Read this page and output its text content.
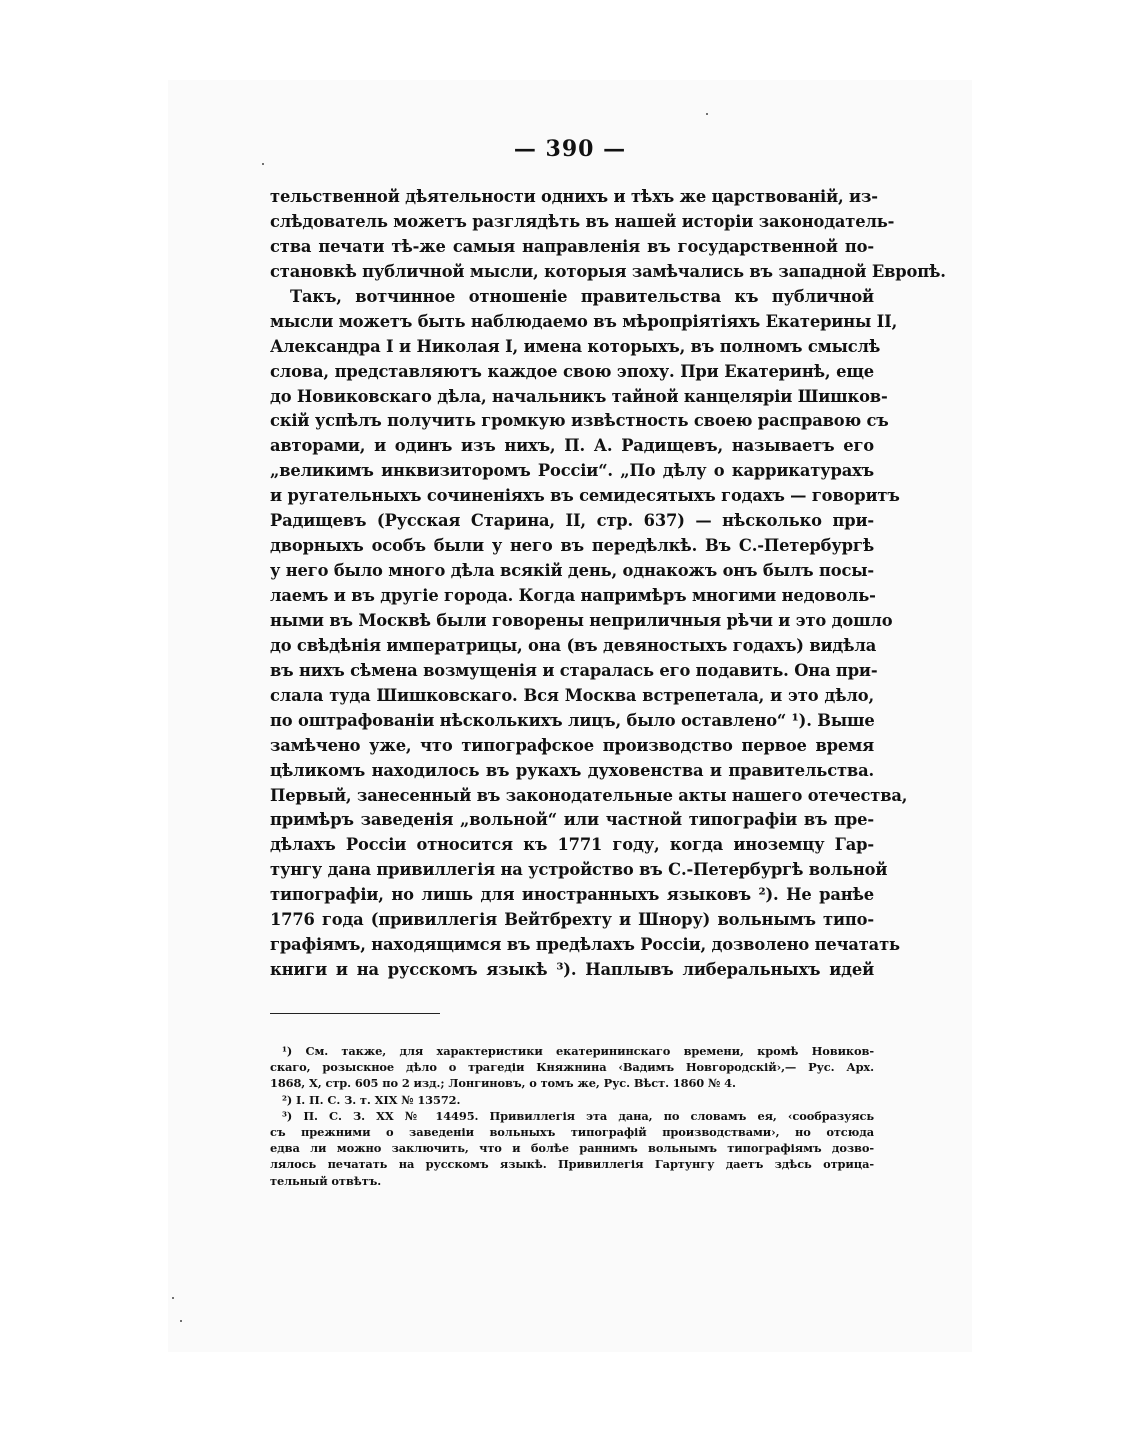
— 390 —
тельственной дѣятельности однихъ и тѣхъ же царствованій, из-
слѣдователь можетъ разглядѣть въ нашей исторіи законодатель-
ства печати тѣ-же самыя направленія въ государственной по-
становкѣ публичной мысли, которыя замѣчались въ западной Европѣ.
Такъ, вотчинное отношеніе правительства къ публичной
мысли можетъ быть наблюдаемо въ мѣропріятіяхъ Екатерины II,
Александра I и Николая I, имена которыхъ, въ полномъ смыслѣ
слова, представляютъ каждое свою эпоху. При Екатеринѣ, еще
до Новиковскаго дѣла, начальникъ тайной канцеляріи Шишков-
скій успѣлъ получить громкую извѣстность своею расправою съ
авторами, и одинъ изъ нихъ, П. А. Радищевъ, называетъ его
„великимъ инквизиторомъ Россіи“. „По дѣлу о каррикатурахъ
и ругательныхъ сочиненіяхъ въ семидесятыхъ годахъ — говоритъ
Радищевъ (Русская Старина, II, стр. 637) — нѣсколько при-
дворныхъ особъ были у него въ передѣлкѣ. Въ С.-Петербургѣ
у него было много дѣла всякій день, однакожъ онъ былъ посы-
лаемъ и въ другіе города. Когда напримѣръ многими недоволь-
ными въ Москвѣ были говорены неприличныя рѣчи и это дошло
до свѣдѣнія императрицы, она (въ девяностыхъ годахъ) видѣла
въ нихъ сѣмена возмущенія и старалась его подавить. Она при-
слала туда Шишковскаго. Вся Москва встрепетала, и это дѣло,
по оштрафованіи нѣсколькихъ лицъ, было оставлено“ ¹). Выше
замѣчено уже, что типографское производство первое время
цѣликомъ находилось въ рукахъ духовенства и правительства.
Первый, занесенный въ законодательные акты нашего отечества,
примѣръ заведенія „вольной“ или частной типографіи въ пре-
дѣлахъ Россіи относится къ 1771 году, когда иноземцу Гар-
тунгу дана привиллегія на устройство въ С.-Петербургѣ вольной
типографіи, но лишь для иностранныхъ языковъ ²). Не ранѣе
1776 года (привиллегія Вейтбрехту и Шнору) вольнымъ типо-
графіямъ, находящимся въ предѣлахъ Россіи, дозволено печатать
книги и на русскомъ языкѣ ³). Наплывъ либеральныхъ идей
¹) См. также, для характеристики екатерининскаго времени, кромѣ Новиков-
скаго, розыскное дѣло о трагедіи Княжнина ‹Вадимъ Новгородскій›,— Рус. Арх.
1868, X, стр. 605 по 2 изд.; Лонгиновъ, о томъ же, Рус. Вѣст. 1860 № 4.
²) I. П. С. З. т. XIX № 13572.
³) П. С. З. XX № 14495. Привиллегія эта дана, по словамъ ея, ‹сообразуясь
съ прежними о заведеніи вольныхъ типографій производствами›, но отсюда
едва ли можно заключить, что и болѣе раннимъ вольнымъ типографіямъ дозво-
лялось печатать на русскомъ языкѣ. Привиллегія Гартунгу даетъ здѣсь отрица-
тельный отвѣтъ.
